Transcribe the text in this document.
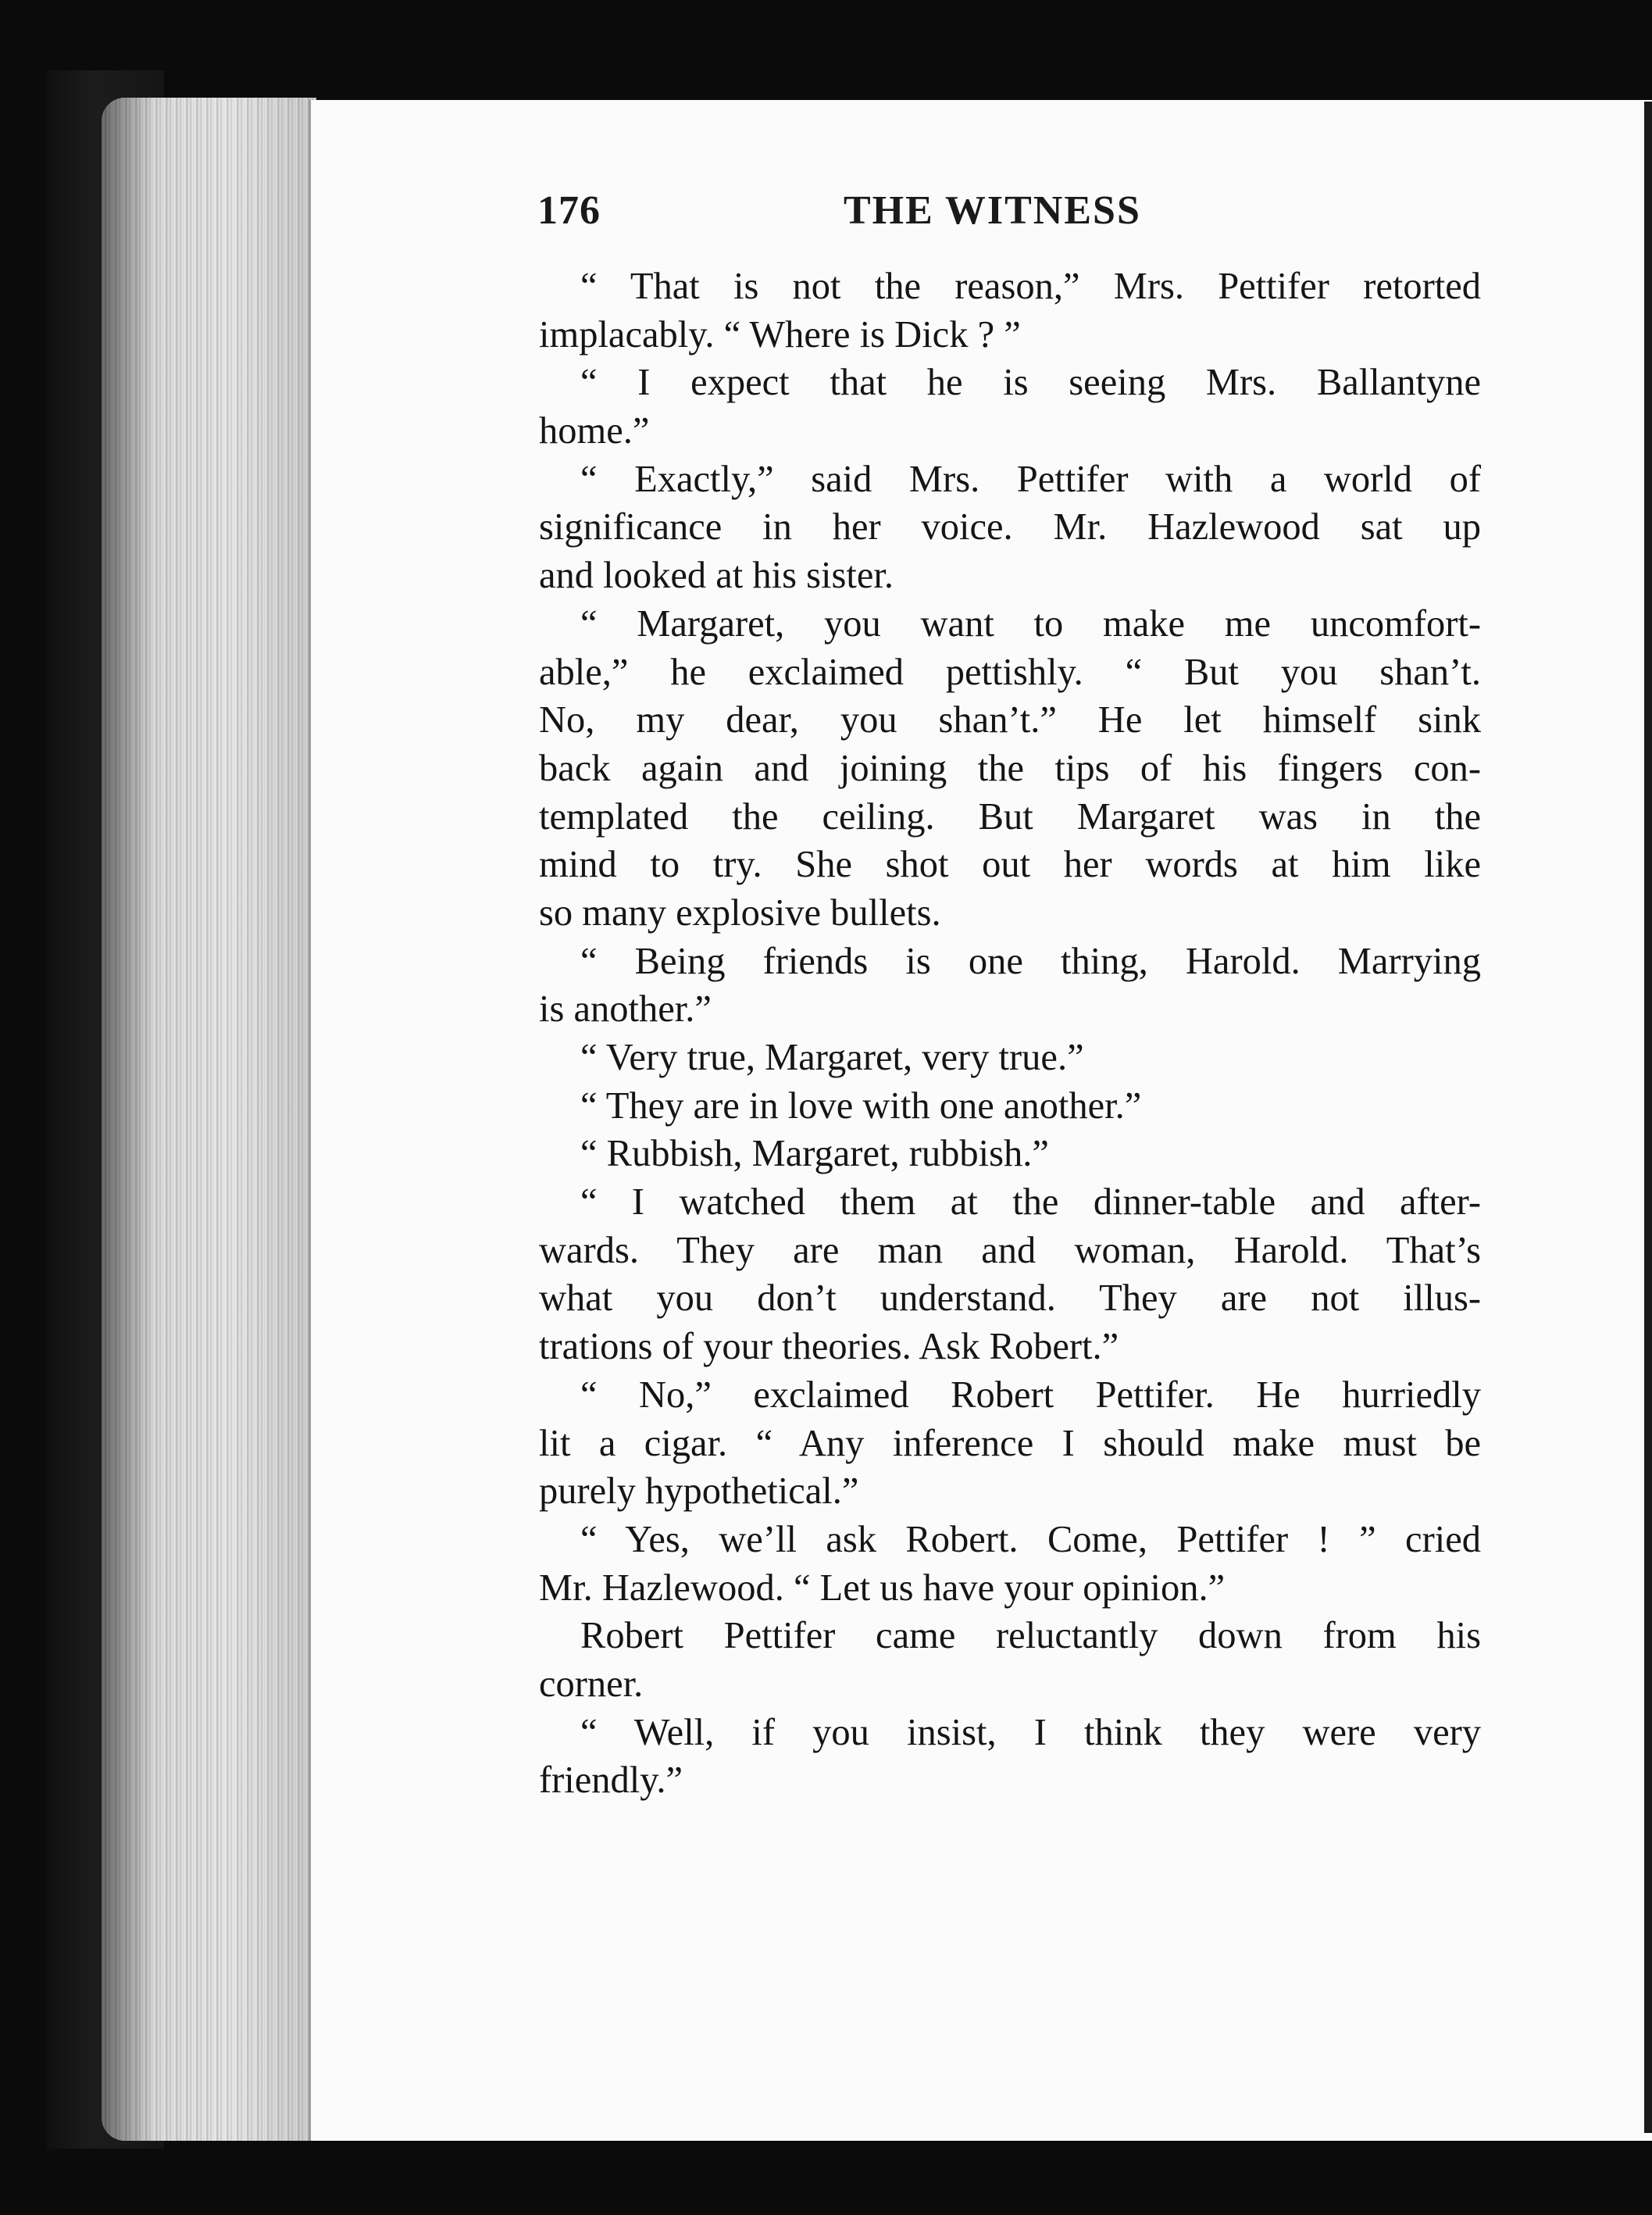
176	THE WITNESS
“ That is not the reason,” Mrs. Pettifer retorted
implacably. “ Where is Dick ? ”
“ I expect that he is seeing Mrs. Ballantyne
home.”
“ Exactly,” said Mrs. Pettifer with a world of
significance in her voice. Mr. Hazlewood sat up
and looked at his sister.
“ Margaret, you want to make me uncomfort-
able,” he exclaimed pettishly. “ But you shan’t.
No, my dear, you shan’t.” He let himself sink
back again and joining the tips of his fingers con-
templated the ceiling. But Margaret was in the
mind to try. She shot out her words at him like
so many explosive bullets.
“ Being friends is one thing, Harold. Marrying
is another.”
“ Very true, Margaret, very true.”
“ They are in love with one another.”
“ Rubbish, Margaret, rubbish.”
“ I watched them at the dinner-table and after-
wards. They are man and woman, Harold. That’s
what you don’t understand. They are not illus-
trations of your theories. Ask Robert.”
“ No,” exclaimed Robert Pettifer. He hurriedly
lit a cigar. “ Any inference I should make must be
purely hypothetical.”
“ Yes, we’ll ask Robert. Come, Pettifer ! ” cried
Mr. Hazlewood. “ Let us have your opinion.”
Robert Pettifer came reluctantly down from his
corner.
“ Well, if you insist, I think they were very
friendly.”
